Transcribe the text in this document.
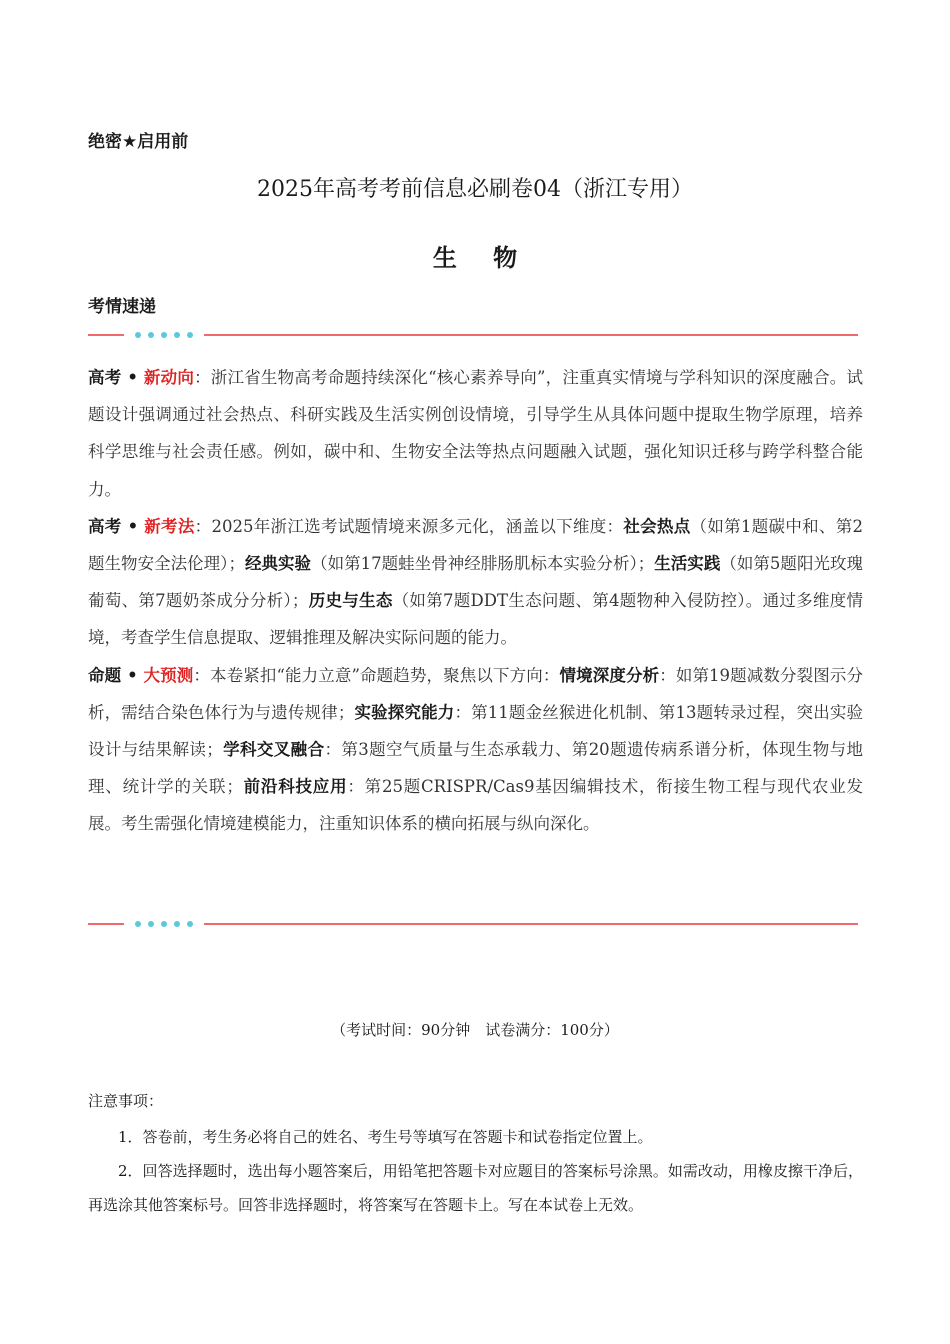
绝密★启用前
2025年高考考前信息必刷卷04（浙江专用）
生 物
考情速递

高考 • 新动向：浙江省生物高考命题持续深化“核心素养导向”，注重真实情境与学科知识的深度融合。试题设计强调通过社会热点、科研实践及生活实例创设情境，引导学生从具体问题中提取生物学原理，培养科学思维与社会责任感。例如，碳中和、生物安全法等热点问题融入试题，强化知识迁移与跨学科整合能力。

高考 • 新考法：2025年浙江选考试题情境来源多元化，涵盖以下维度：社会热点（如第1题碳中和、第2题生物安全法伦理）；经典实验（如第17题蛙坐骨神经腓肠肌标本实验分析）；生活实践（如第5题阳光玫瑰葡萄、第7题奶茶成分分析）；历史与生态（如第7题DDT生态问题、第4题物种入侵防控）。通过多维度情境，考查学生信息提取、逻辑推理及解决实际问题的能力。

命题 • 大预测：本卷紧扣“能力立意”命题趋势，聚焦以下方向：情境深度分析：如第19题减数分裂图示分析，需结合染色体行为与遗传规律；实验探究能力：第11题金丝猴进化机制、第13题转录过程，突出实验设计与结果解读；学科交叉融合：第3题空气质量与生态承载力、第20题遗传病系谱分析，体现生物与地理、统计学的关联；前沿科技应用：第25题CRISPR/Cas9基因编辑技术，衔接生物工程与现代农业发展。考生需强化情境建模能力，注重知识体系的横向拓展与纵向深化。

（考试时间：90分钟　试卷满分：100分）
注意事项：

1．答卷前，考生务必将自己的姓名、考生号等填写在答题卡和试卷指定位置上。

2．回答选择题时，选出每小题答案后，用铅笔把答题卡对应题目的答案标号涂黑。如需改动，用橡皮擦干净后，再选涂其他答案标号。回答非选择题时，将答案写在答题卡上。写在本试卷上无效。
